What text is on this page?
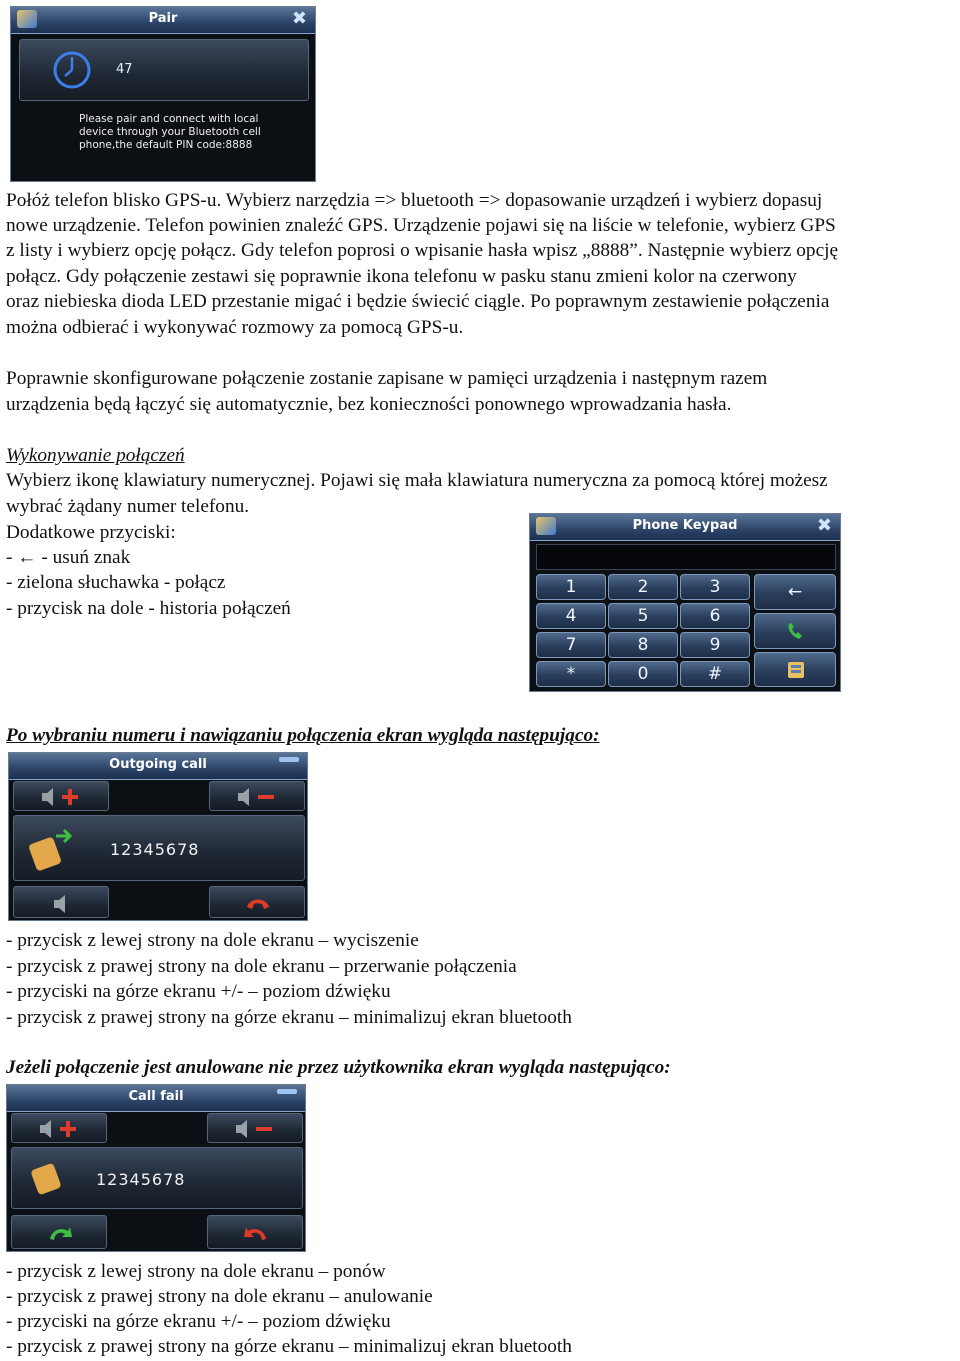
Pair	✖
47
Please pair and connect with local
device through your Bluetooth cell
phone,the default PIN code:8888

Połóż telefon blisko GPS-u. Wybierz narzędzia => bluetooth => dopasowanie urządzeń i wybierz dopasuj

nowe urządzenie. Telefon powinien znaleźć GPS. Urządzenie pojawi się na liście w telefonie, wybierz GPS

z listy i wybierz opcję połącz. Gdy telefon poprosi o wpisanie hasła wpisz „8888”. Następnie wybierz opcję

połącz. Gdy połączenie zestawi się poprawnie ikona telefonu w pasku stanu zmieni kolor na czerwony

oraz niebieska dioda LED przestanie migać i będzie świecić ciągle. Po poprawnym zestawienie połączenia

można odbierać i wykonywać rozmowy za pomocą GPS-u.

Poprawnie skonfigurowane połączenie zostanie zapisane w pamięci urządzenia i następnym razem

urządzenia będą łączyć się automatycznie, bez konieczności ponownego wprowadzania hasła.

Wykonywanie połączeń

Wybierz ikonę klawiatury numerycznej. Pojawi się mała klawiatura numeryczna za pomocą której możesz

wybrać żądany numer telefonu.

Dodatkowe przyciski:

- ← - usuń znak

- zielona słuchawka - połącz

- przycisk na dole - historia połączeń

Phone Keypad	✖
1	2	3
4	5	6
7	8	9
*	0	#
←

Po wybraniu numeru i nawiązaniu połączenia ekran wygląda następująco:

Outgoing call
12345678

- przycisk z lewej strony na dole ekranu – wyciszenie

- przycisk z prawej strony na dole ekranu – przerwanie połączenia

- przyciski na górze ekranu +/- – poziom dźwięku

- przycisk z prawej strony na górze ekranu – minimalizuj ekran bluetooth

Jeżeli połączenie jest anulowane nie przez użytkownika ekran wygląda następująco:

Call fail
12345678

- przycisk z lewej strony na dole ekranu – ponów

- przycisk z prawej strony na dole ekranu – anulowanie

- przyciski na górze ekranu +/- – poziom dźwięku

- przycisk z prawej strony na górze ekranu – minimalizuj ekran bluetooth
